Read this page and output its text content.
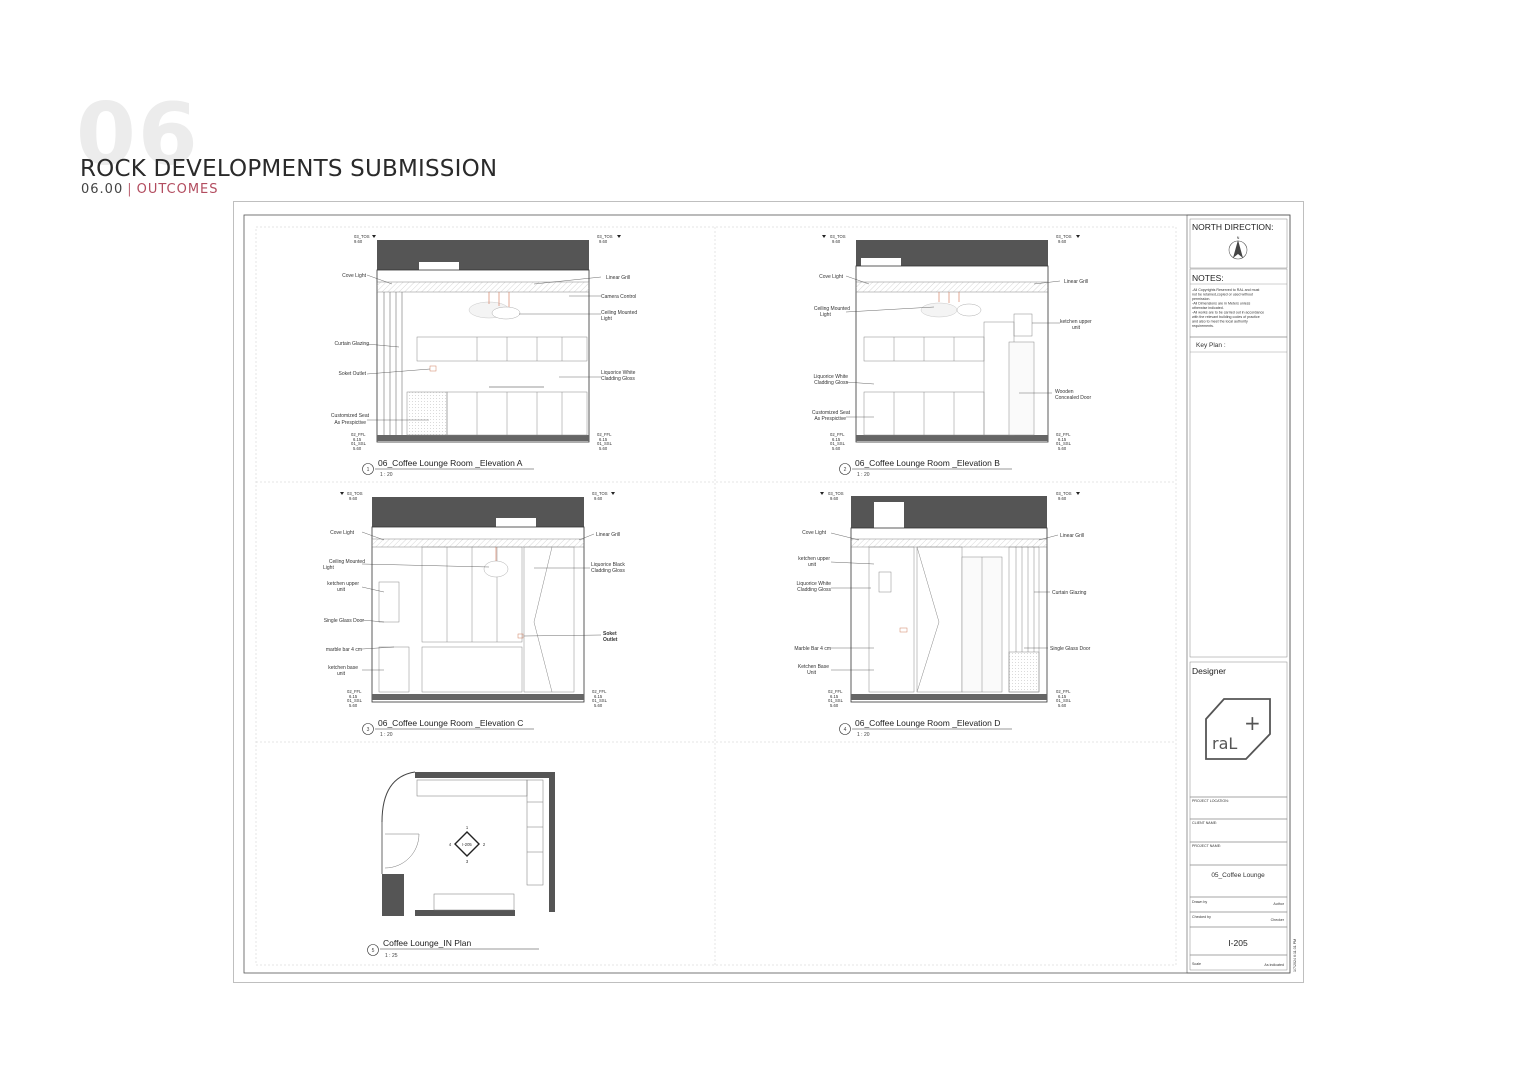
06
ROCK DEVELOPMENTS SUBMISSION
06.00 | OUTCOMES
Cove Light
Curtain Glazing
Soket Outlet
Customized Seat
As Prespictive
Linear Grill
Camera Control
Ceiling Mounted
Light
Liquorice White
Cladding Gloss
03_TOS
9.60
03_TOS
9.60
02_FFL
6.15
01_SSL
5.60
02_FFL
6.15
01_SSL
5.60
1
06_Coffee Lounge Room _Elevation A
1 : 20
Cove Light
Ceiling Mounted
Light
Liquorice White
Cladding Gloss
Customized Seat
As Prespictive
Linear Grill
ketchen upper
unit
Wooden
Concealed Door
03_TOS
9.60
03_TOS
9.60
02_FFL
6.15
01_SSL
5.60
02_FFL
6.15
01_SSL
5.60
2
06_Coffee Lounge Room _Elevation B
1 : 20
Cove Light
Ceiling Mounted
Light
ketchen upper
unit
Single Glass Door
marble bar 4 cm
ketchen base
unit
Linear Grill
Liquorice Black
Cladding Gloss
Soket
Outlet
03_TOS
9.60
03_TOS
9.60
02_FFL
6.15
01_SSL
5.60
02_FFL
6.15
01_SSL
5.60
3
06_Coffee Lounge Room _Elevation C
1 : 20
Cove Light
ketchen upper
unit
Liquorice White
Cladding Gloss
Marble Bar 4 cm
Ketchen Base
Unit
Linear Grill
Curtain Glazing
Single Glass Door
03_TOS
9.60
03_TOS
9.60
02_FFL
6.15
01_SSL
5.60
02_FFL
6.15
01_SSL
5.60
4
06_Coffee Lounge Room _Elevation D
1 : 20
I-205
1
2
3
4
5
Coffee Lounge_IN Plan
1 : 25
NORTH DIRECTION:
N
NOTES:
-All Copyrights Reserved to RAL and must
not be retained,copied or used without
permission.
-All Dimensions are in Meters unless
otherwise indicated.
-All works are to be carried out in accordance
with the relevant building codes of practice
and also to meet the local authority
requirements.
Key Plan :
Designer
raL
+
PROJECT LOCATION:
CLIENT NAME:
PROJECT NAME:
05_Coffee Lounge
Drawn by	Author
Checked by
Checker
I-205
Scale	As indicated	1/7/2024 6:11:31 PM
